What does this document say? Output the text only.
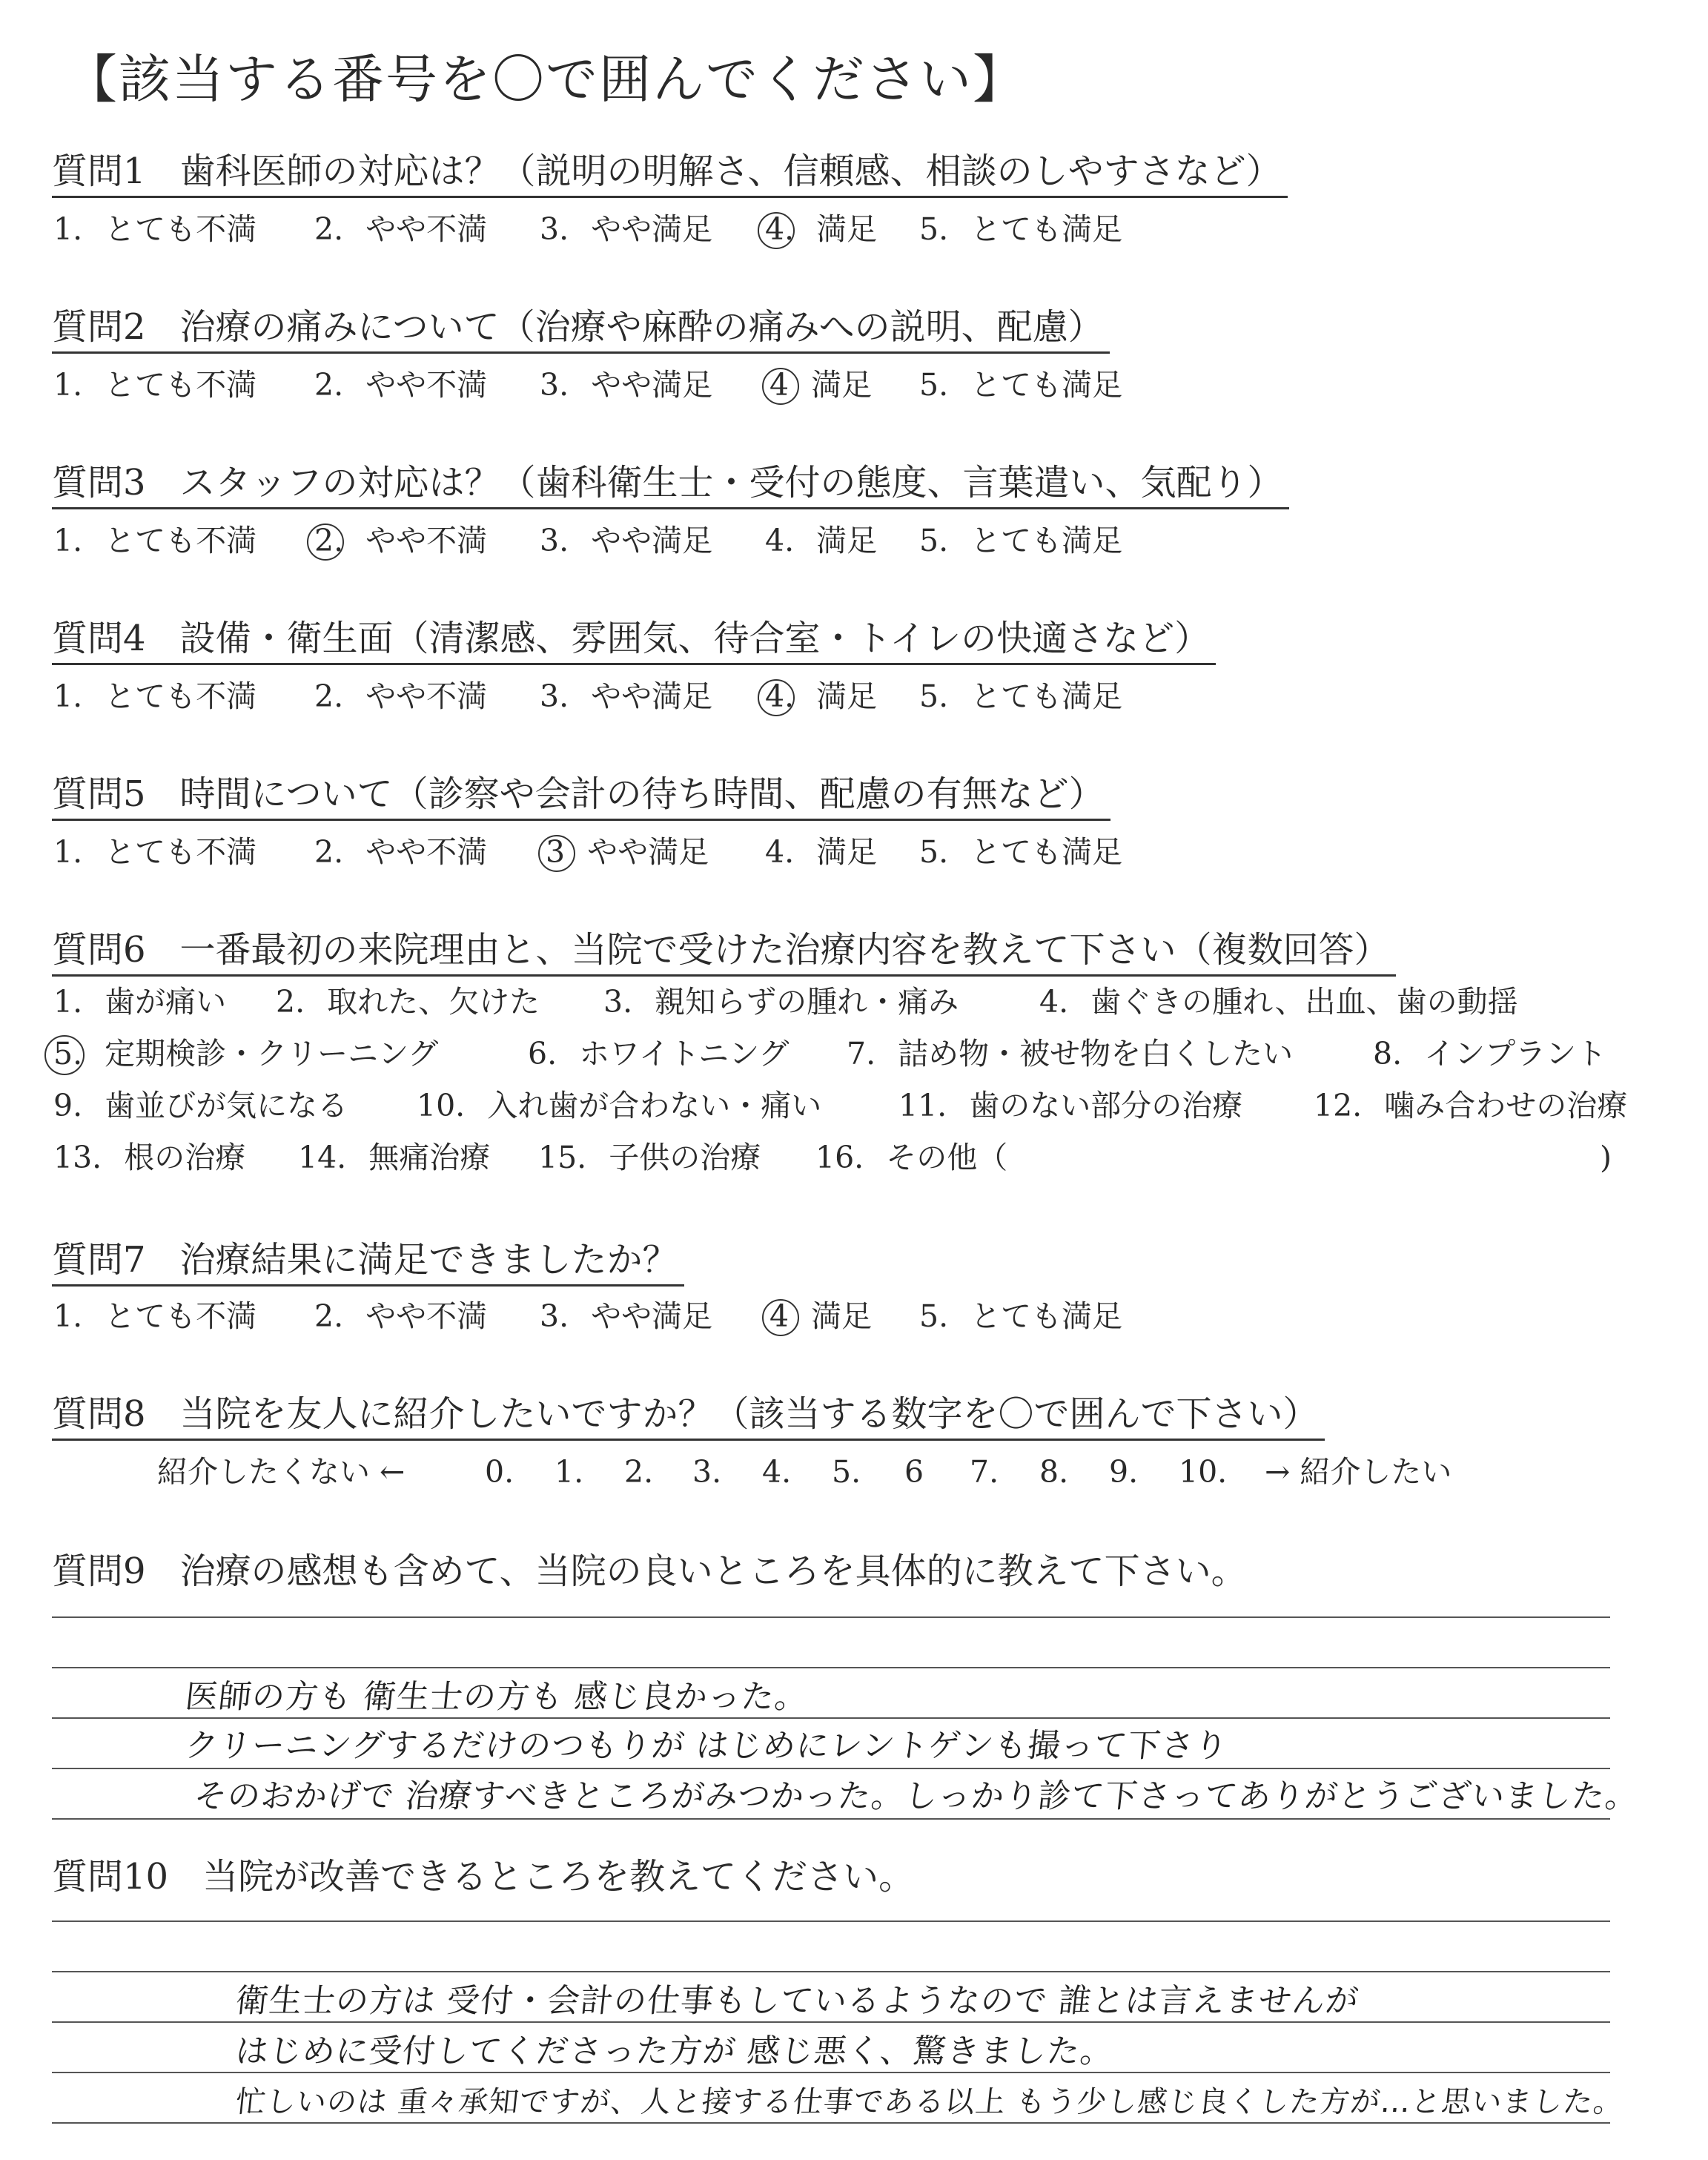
【該当する番号を〇で囲んでください】
質問1 歯科医師の対応は？（説明の明解さ、信頼感、相談のしやすさなど）
1. とても不満 2. やや不満 3. やや満足 4. 満足 5. とても満足
質問2 治療の痛みについて（治療や麻酔の痛みへの説明、配慮）
1. とても不満 2. やや不満 3. やや満足 4 満足 5. とても満足
質問3 スタッフの対応は？（歯科衛生士・受付の態度、言葉遣い、気配り）
1. とても不満 2. やや不満 3. やや満足 4. 満足 5. とても満足
質問4 設備・衛生面（清潔感、雰囲気、待合室・トイレの快適さなど）
1. とても不満 2. やや不満 3. やや満足 4. 満足 5. とても満足
質問5 時間について（診察や会計の待ち時間、配慮の有無など）
1. とても不満 2. やや不満 3 やや満足 4. 満足 5. とても満足
質問6 一番最初の来院理由と、当院で受けた治療内容を教えて下さい（複数回答）
1. 歯が痛い 2. 取れた、欠けた 3. 親知らずの腫れ・痛み	4. 歯ぐきの腫れ、出血、歯の動揺
5. 定期検診・クリーニング	6. ホワイトニング 7. 詰め物・被せ物を白くしたい	8. インプラント
9. 歯並びが気になる 10. 入れ歯が合わない・痛い	11. 歯のない部分の治療 12. 噛み合わせの治療
13. 根の治療 14. 無痛治療 15. 子供の治療 16. その他（	)
質問7 治療結果に満足できましたか？
1. とても不満 2. やや不満 3. やや満足 4 満足 5. とても満足
質問8 当院を友人に紹介したいですか？（該当する数字を〇で囲んで下さい）
紹介したくない ←	0. 1. 2. 3. 4. 5. 6 7. 8. 9. 10. → 紹介したい
質問9 治療の感想も含めて、当院の良いところを具体的に教えて下さい。
医師の方も 衛生士の方も 感じ良かった。
クリーニングするだけのつもりが はじめにレントゲンも撮って下さり
そのおかげで 治療すべきところがみつかった。しっかり診て下さってありがとうございました。
質問10 当院が改善できるところを教えてください。
衛生士の方は 受付・会計の仕事もしているようなので 誰とは言えませんが
はじめに受付してくださった方が 感じ悪く、驚きました。
忙しいのは 重々承知ですが、人と接する仕事である以上 もう少し感じ良くした方が…と思いました。
